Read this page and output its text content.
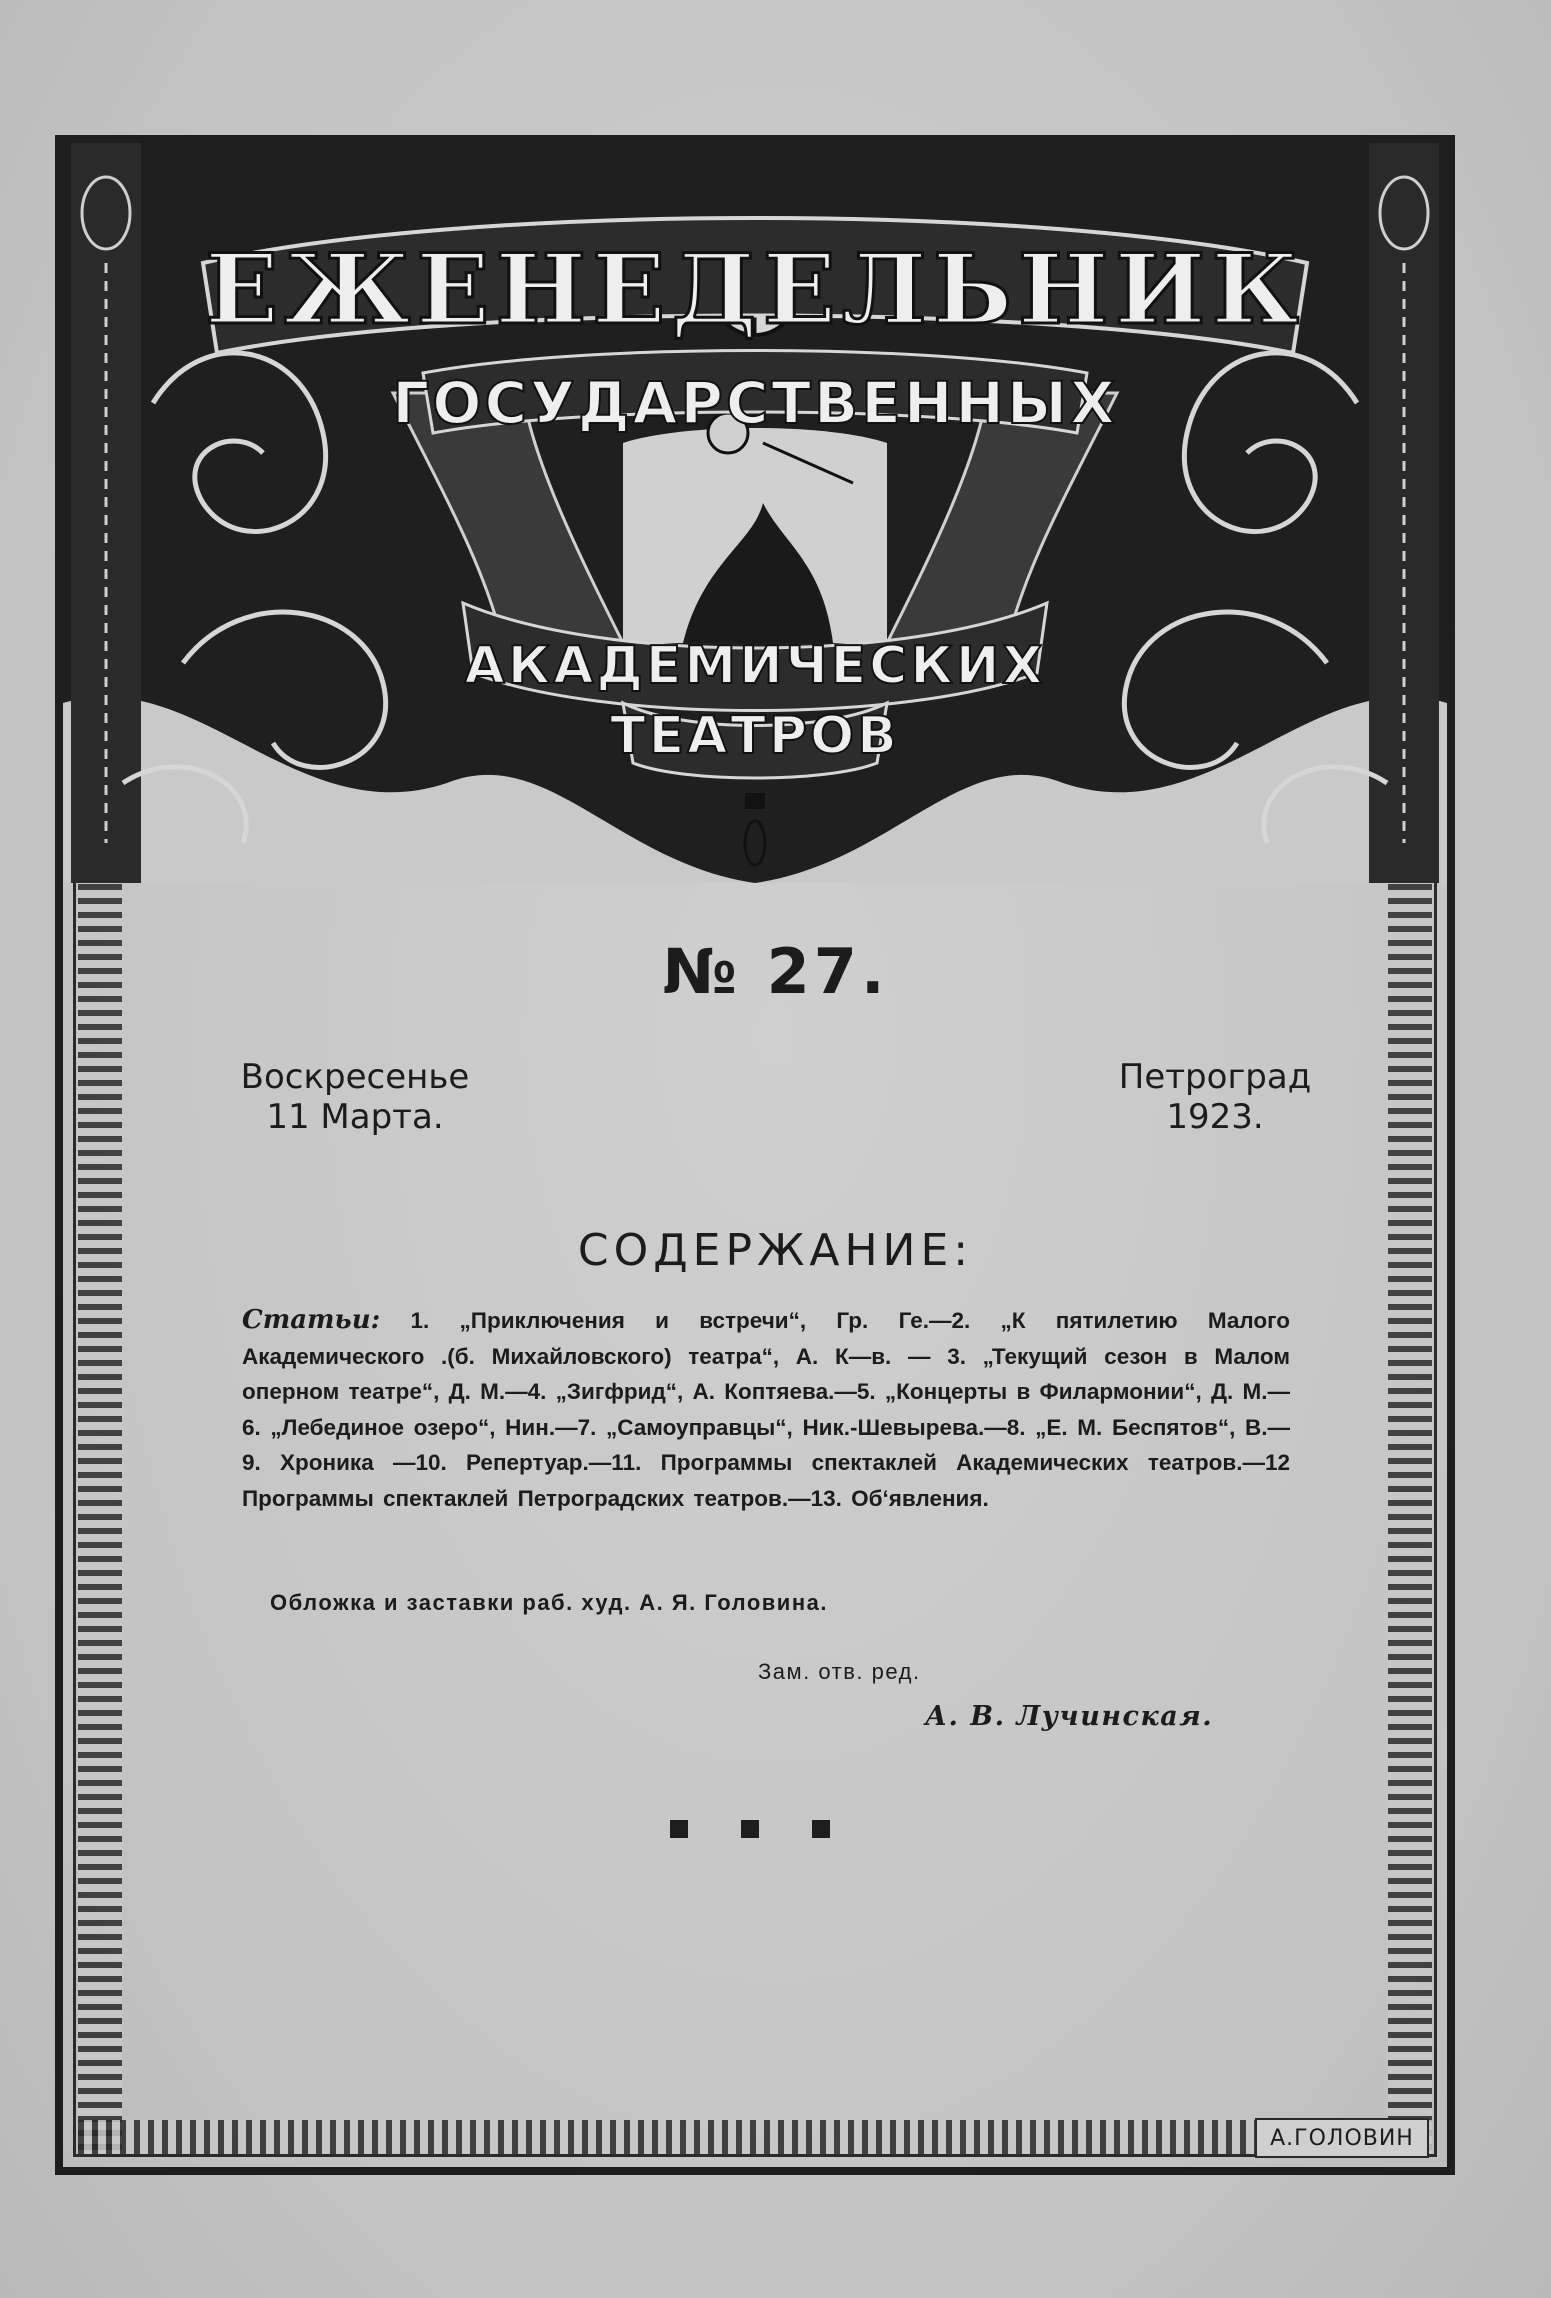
А.ГОЛОВИН
ЕЖЕНЕДЕЛЬНИК
ГОСУДАРСТВЕННЫХ
АКАДЕМИЧЕСКИХ
ТЕАТРОВ
№ 27.
Воскресенье
11 Марта.
Петроград
1923.
СОДЕРЖАНИЕ:
Статьи: 1. „Приключения и встречи“, Гр. Ге.—2. „К пятилетию Малого Академического .(б. Михайловского) театра“, А. К—в. — 3. „Текущий сезон в Малом оперном театре“, Д. М.—4. „Зигфрид“, А. Коптяева.—5. „Концерты в Филармонии“, Д. М.—6. „Лебединое озеро“, Нин.—7. „Самоуправцы“, Ник.-Шевырева.—8. „Е. М. Беспятов“, В.—9. Хроника —10. Репертуар.—11. Программы спектаклей Академических театров.—12 Программы спектаклей Петроградских театров.—13. Об‘явления.
Обложка и заставки раб. худ. А. Я. Головина.
Зам. отв. ред.
А. В. Лучинская.
